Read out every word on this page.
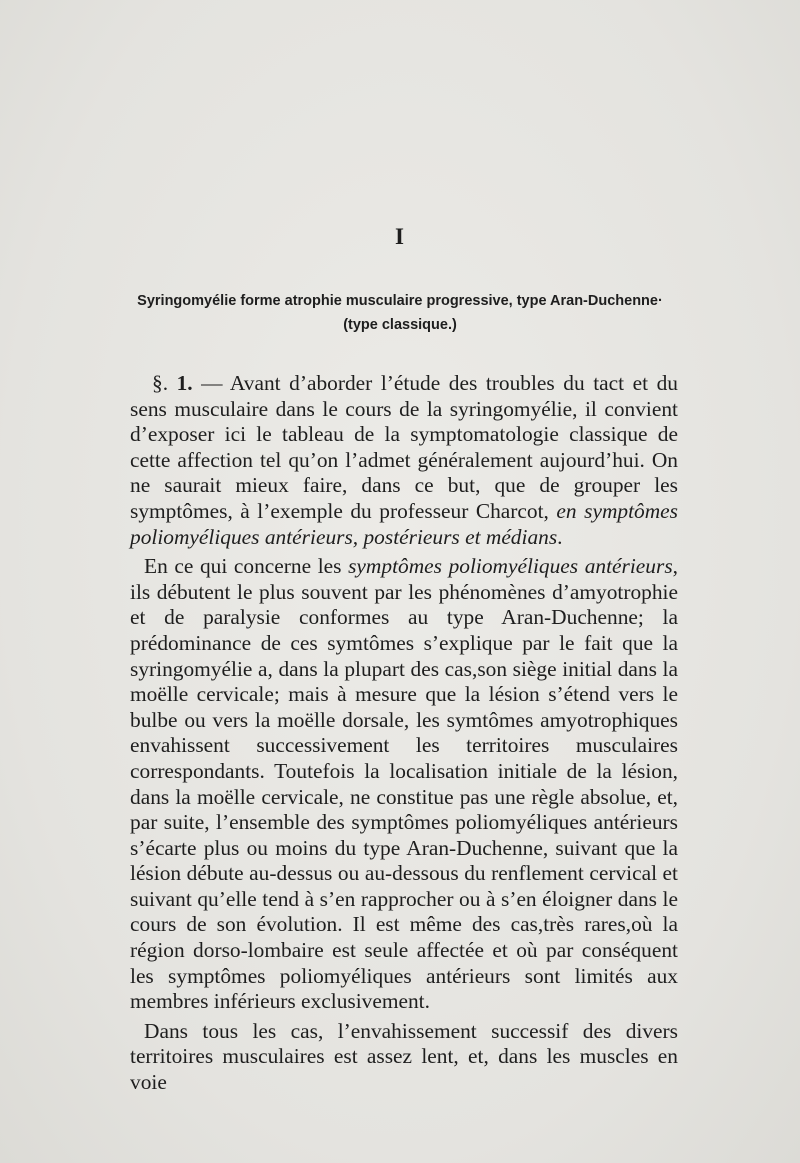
I
Syringomyélie forme atrophie musculaire progressive, type Aran-Duchenne·
(type classique.)

§. 1. — Avant d’aborder l’étude des troubles du tact et du sens musculaire dans le cours de la syringomyélie, il convient d’exposer ici le tableau de la symptomatologie classique de cette affection tel qu’on l’admet généralement aujourd’hui. On ne saurait mieux faire, dans ce but, que de grouper les symptômes, à l’exemple du professeur Charcot, en symptômes poliomyéliques antérieurs, postérieurs et médians.

En ce qui concerne les symptômes poliomyéliques antérieurs, ils débutent le plus souvent par les phénomènes d’amyotrophie et de paralysie conformes au type Aran-Duchenne; la prédominance de ces symtômes s’explique par le fait que la syringomyélie a, dans la plupart des cas,son siège initial dans la moëlle cervicale; mais à mesure que la lésion s’étend vers le bulbe ou vers la moëlle dorsale, les symtômes amyotrophiques envahissent successivement les territoires musculaires correspondants. Toutefois la localisation initiale de la lésion, dans la moëlle cervicale, ne constitue pas une règle absolue, et, par suite, l’ensemble des symptômes poliomyéliques antérieurs s’écarte plus ou moins du type Aran-Duchenne, suivant que la lésion débute au-dessus ou au-dessous du renflement cervical et suivant qu’elle tend à s’en rapprocher ou à s’en éloigner dans le cours de son évolution. Il est même des cas,très rares,où la région dorso-lombaire est seule affectée et où par conséquent les symptômes poliomyéliques antérieurs sont limités aux membres inférieurs exclusivement.

Dans tous les cas, l’envahissement successif des divers territoires musculaires est assez lent, et, dans les muscles en voie
